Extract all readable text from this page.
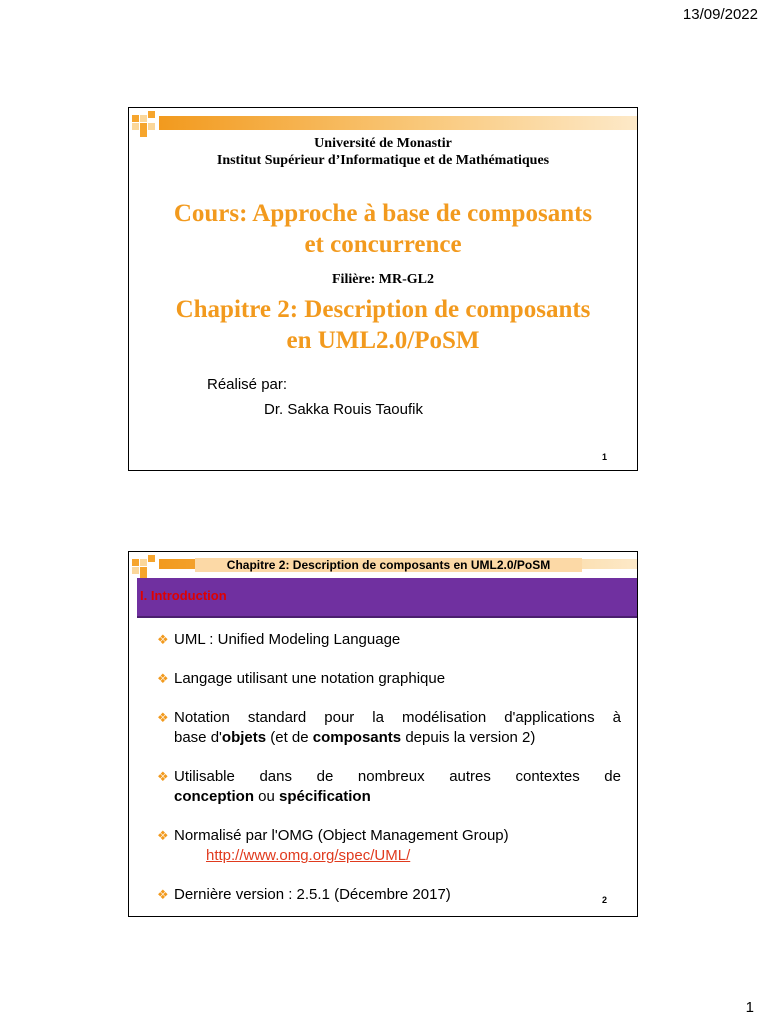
13/09/2022
Université de Monastir
Institut Supérieur d’Informatique et de Mathématiques
Cours: Approche à base de composants
et concurrence
Filière: MR-GL2
Chapitre 2: Description de composants
en UML2.0/PoSM
Réalisé par:
Dr. Sakka Rouis Taoufik
1
Chapitre 2: Description de composants en UML2.0/PoSM
I. Introduction
❖ UML : Unified Modeling Language
❖ Langage utilisant une notation graphique
❖ Notation standard pour la modélisation d'applications à
base d'objets (et de composants depuis la version 2)
❖ Utilisable dans de nombreux autres contextes de
conception ou spécification
❖ Normalisé par l'OMG (Object Management Group)
http://www.omg.org/spec/UML/
❖ Dernière version : 2.5.1 (Décembre 2017)	2
1
